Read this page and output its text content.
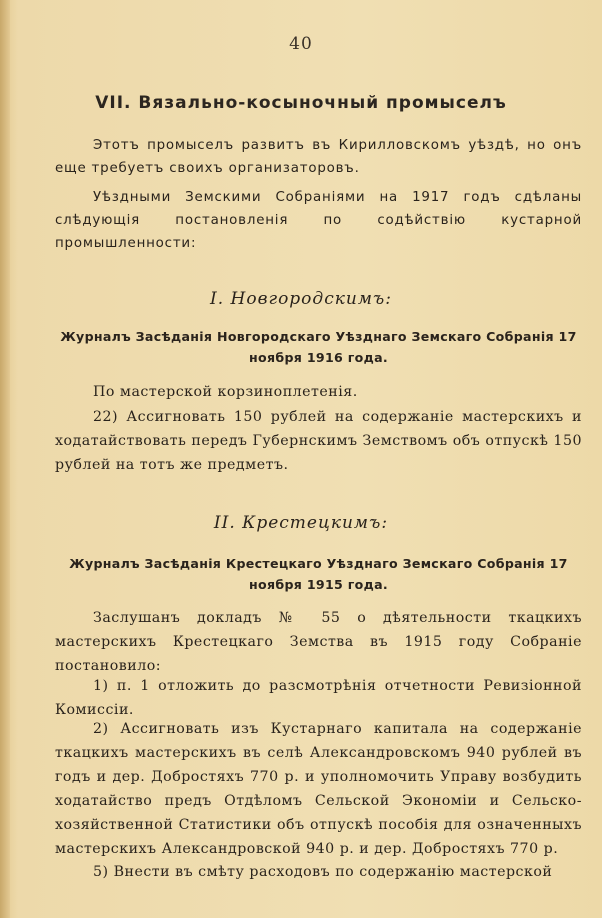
40
VII. Вязально-косыночный промыселъ

Этотъ промыселъ развитъ въ Кирилловскомъ уѣздѣ, но онъ еще требуетъ своихъ организаторовъ.

Уѣздными Земскими Собраніями на 1917 годъ сдѣланы слѣдующія постановленія по содѣйствію кустарной промышленности:

I. Новгородскимъ:

Журналъ Засѣданія Новгородскаго Уѣзднаго Земскаго Собранія 17 ноября 1916 года.

По мастерской корзиноплетенія.

22) Ассигновать 150 рублей на содержаніе мастерскихъ и ходатайствовать передъ Губернскимъ Земствомъ объ отпускѣ 150 рублей на тотъ же предметъ.

II. Крестецкимъ:

Журналъ Засѣданія Крестецкаго Уѣзднаго Земскаго Собранія 17 ноября 1915 года.

Заслушанъ докладъ № 55 о дѣятельности ткацкихъ мастерскихъ Крестецкаго Земства въ 1915 году Собраніе постановило:

1) п. 1 отложить до разсмотрѣнія отчетности Ревизіонной Комиссіи.

2) Ассигновать изъ Кустарнаго капитала на содержаніе ткацкихъ мастерскихъ въ селѣ Александровскомъ 940 рублей въ годъ и дер. Добростяхъ 770 р. и уполномочить Управу возбудить ходатайство предъ Отдѣломъ Сельской Экономіи и Сельско-хозяйственной Статистики объ отпускѣ пособія для означенныхъ мастерскихъ Александровской 940 р. и дер. Добростяхъ 770 р.

5) Внести въ смѣту расходовъ по содержанію мастерской
